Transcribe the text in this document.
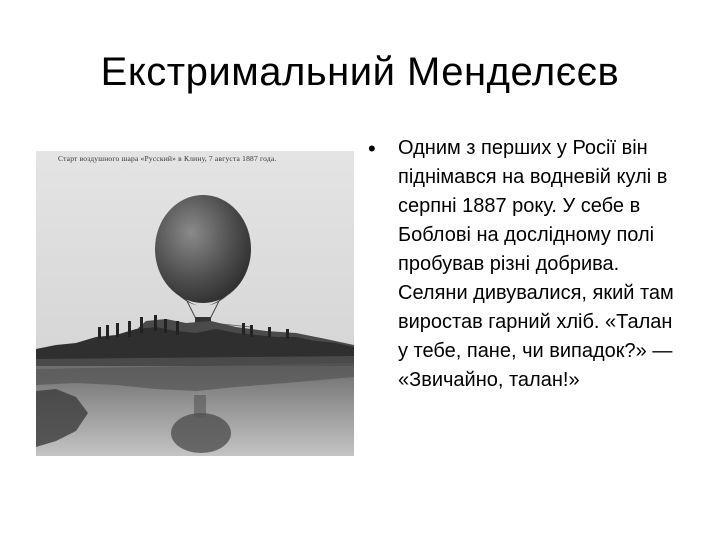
Екстримальний Менделєєв
Старт воздушного шара «Русский» в Клину, 7 августа 1887 года.	• Одним з перших у Росії він піднімався на водневій кулі в серпні 1887 року. У себе в Боблові на дослідному полі пробував різні добрива. Селяни дивувалися, який там виростав гарний хліб. «Талан у тебе, пане, чи випадок?» — «Звичайно, талан!»
